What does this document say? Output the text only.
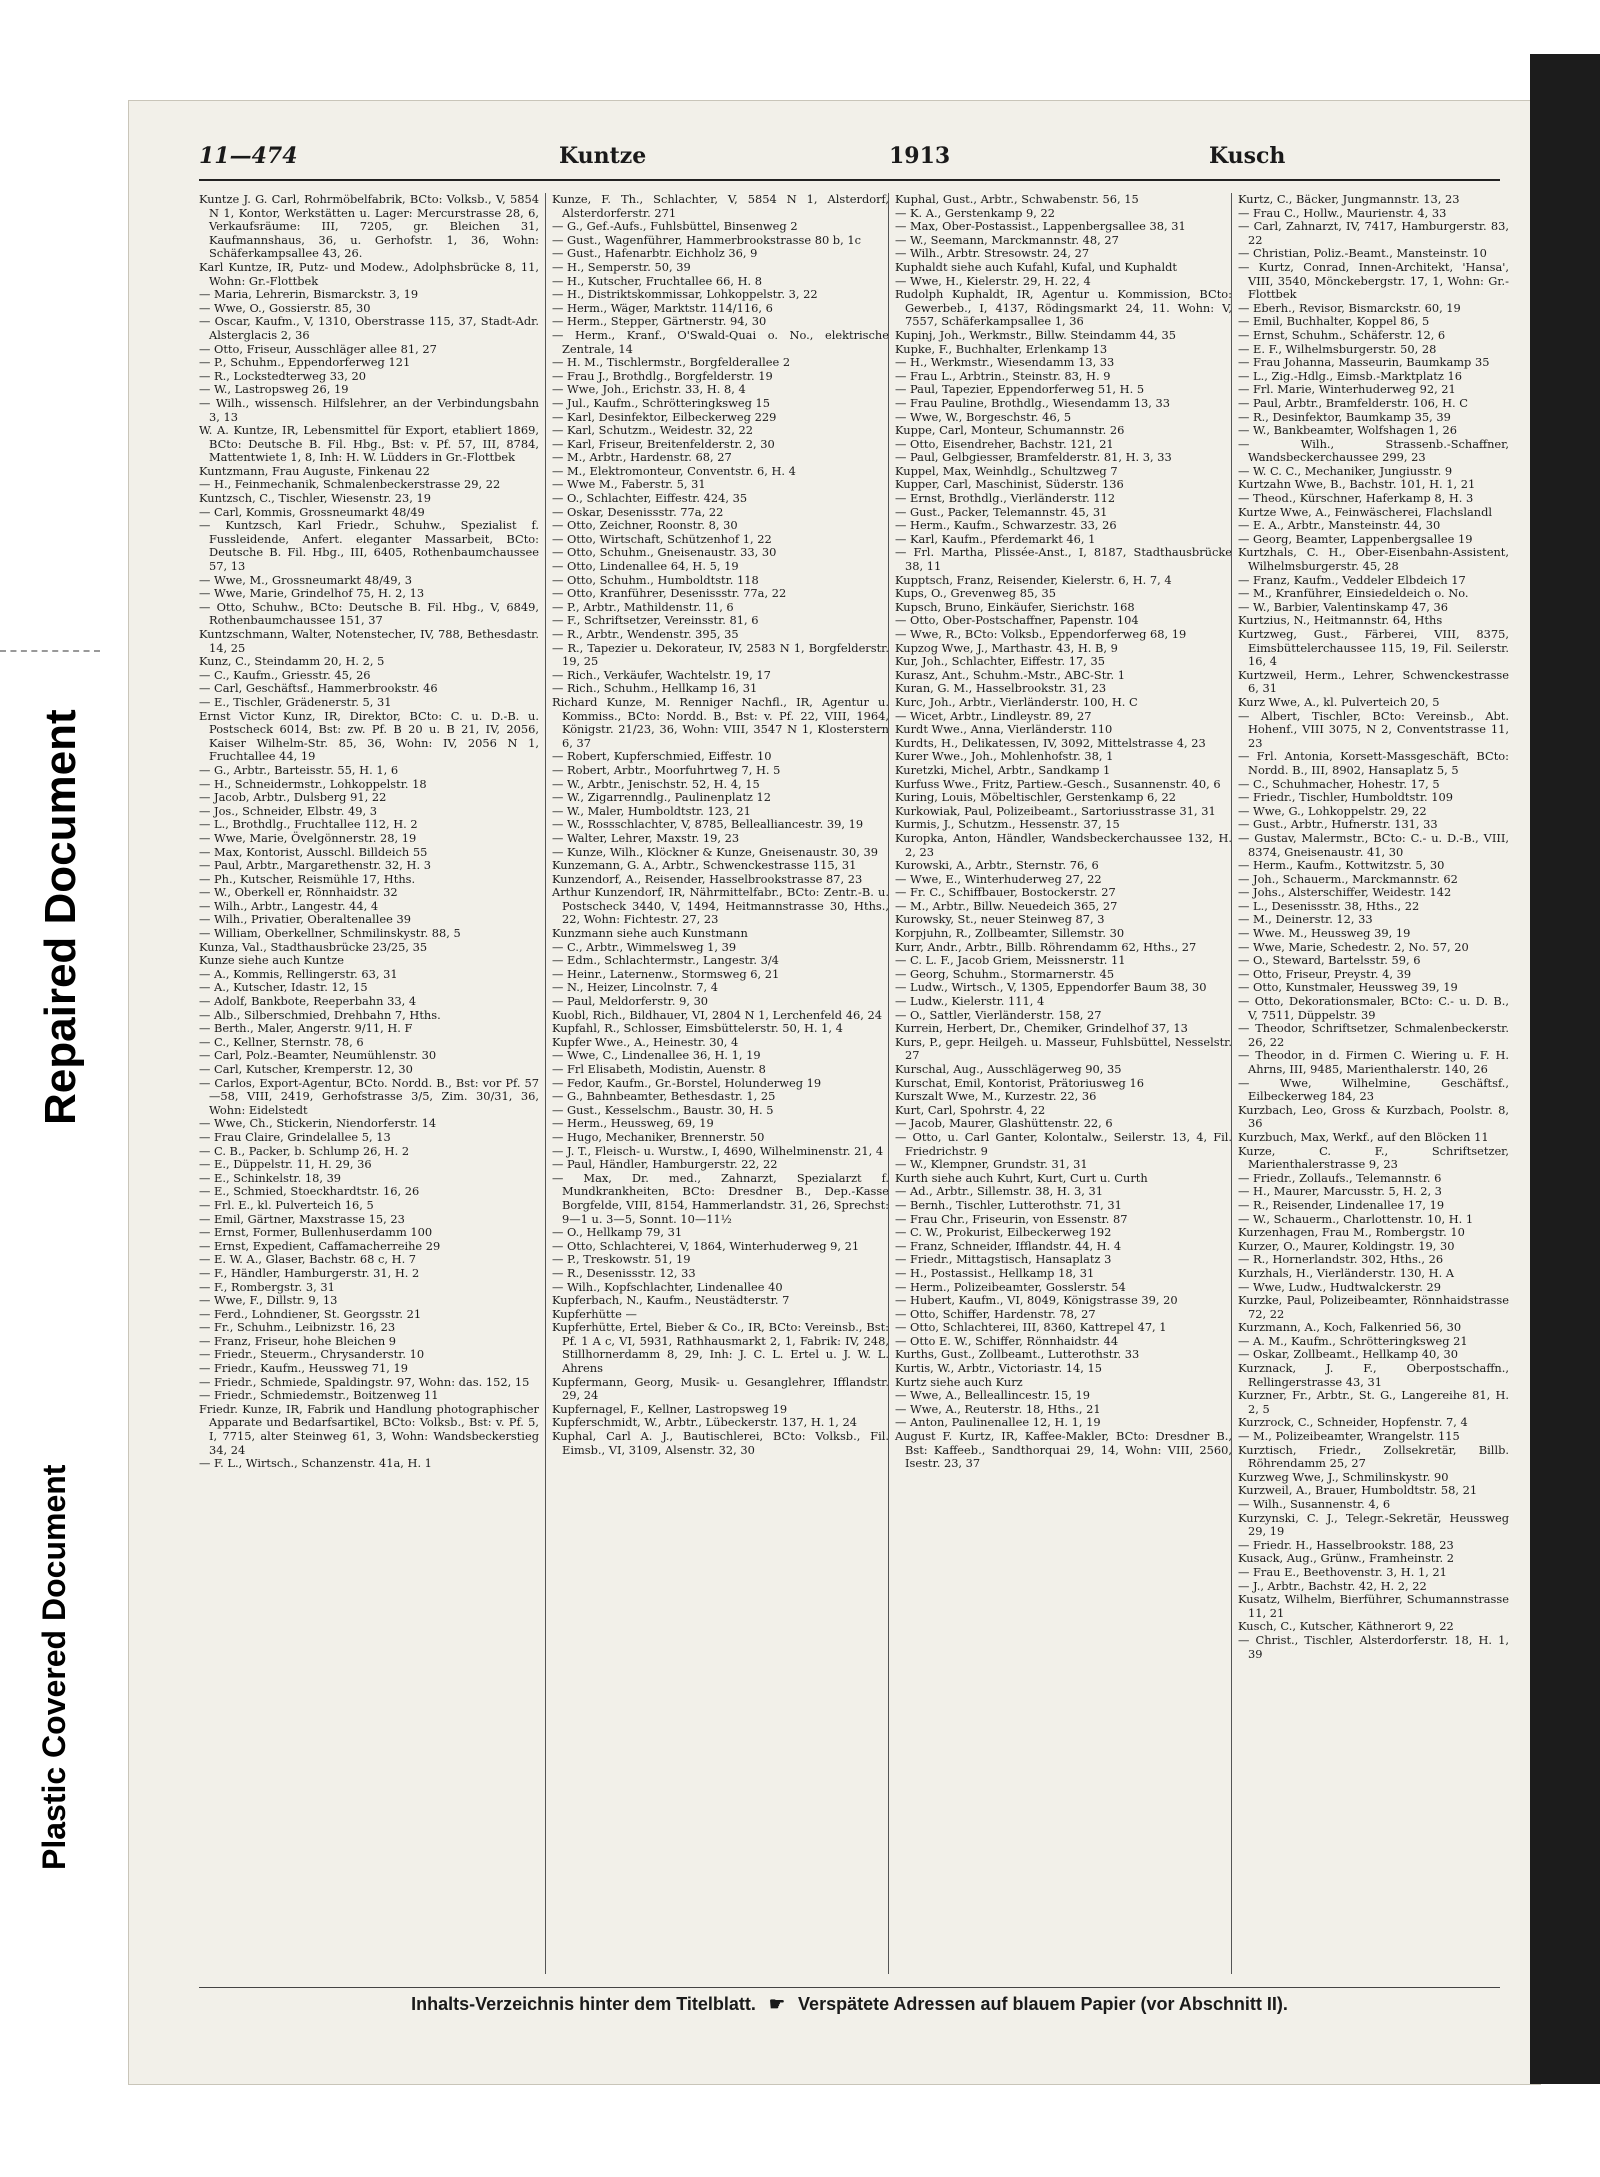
Repaired Document
Plastic Covered Document
11—474	Kuntze	1913	Kusch

Kuntze J. G. Carl, Rohrmöbelfabrik, BCto: Volksb., V, 5854 N 1, Kontor, Werkstätten u. Lager: Mercurstrasse 28, 6, Verkaufsräume: III, 7205, gr. Bleichen 31, Kaufmannshaus, 36, u. Gerhofstr. 1, 36, Wohn: Schäferkampsallee 43, 26.

Karl Kuntze, IR, Putz- und Modew., Adolphsbrücke 8, 11, Wohn: Gr.-Flottbek

— Maria, Lehrerin, Bismarckstr. 3, 19

— Wwe, O., Gossierstr. 85, 30

— Oscar, Kaufm., V, 1310, Oberstrasse 115, 37, Stadt-Adr. Alsterglacis 2, 36

— Otto, Friseur, Ausschläger allee 81, 27

— P., Schuhm., Eppendorferweg 121

— R., Lockstedterweg 33, 20

— W., Lastropsweg 26, 19

— Wilh., wissensch. Hilfslehrer, an der Verbindungsbahn 3, 13

W. A. Kuntze, IR, Lebensmittel für Export, etabliert 1869, BCto: Deutsche B. Fil. Hbg., Bst: v. Pf. 57, III, 8784, Mattentwiete 1, 8, Inh: H. W. Lüdders in Gr.-Flottbek

Kuntzmann, Frau Auguste, Finkenau 22

— H., Feinmechanik, Schmalenbeckerstrasse 29, 22

Kuntzsch, C., Tischler, Wiesenstr. 23, 19

— Carl, Kommis, Grossneumarkt 48/49

— Kuntzsch, Karl Friedr., Schuhw., Spezialist f. Fussleidende, Anfert. eleganter Massarbeit, BCto: Deutsche B. Fil. Hbg., III, 6405, Rothenbaumchaussee 57, 13

— Wwe, M., Grossneumarkt 48/49, 3

— Wwe, Marie, Grindelhof 75, H. 2, 13

— Otto, Schuhw., BCto: Deutsche B. Fil. Hbg., V, 6849, Rothenbaumchaussee 151, 37

Kuntzschmann, Walter, Notenstecher, IV, 788, Bethesdastr. 14, 25

Kunz, C., Steindamm 20, H. 2, 5

— C., Kaufm., Griesstr. 45, 26

— Carl, Geschäftsf., Hammerbrookstr. 46

— E., Tischler, Grädenerstr. 5, 31

Ernst Victor Kunz, IR, Direktor, BCto: C. u. D.-B. u. Postscheck 6014, Bst: zw. Pf. B 20 u. B 21, IV, 2056, Kaiser Wilhelm-Str. 85, 36, Wohn: IV, 2056 N 1, Fruchtallee 44, 19

— G., Arbtr., Barteisstr. 55, H. 1, 6

— H., Schneidermstr., Lohkoppelstr. 18

— Jacob, Arbtr., Dulsberg 91, 22

— Jos., Schneider, Elbstr. 49, 3

— L., Brothdlg., Fruchtallee 112, H. 2

— Wwe, Marie, Övelgönnerstr. 28, 19

— Max, Kontorist, Ausschl. Billdeich 55

— Paul, Arbtr., Margarethenstr. 32, H. 3

— Ph., Kutscher, Reismühle 17, Hths.

— W., Oberkell er, Rönnhaidstr. 32

— Wilh., Arbtr., Langestr. 44, 4

— Wilh., Privatier, Oberaltenallee 39

— William, Oberkellner, Schmilinskystr. 88, 5

Kunza, Val., Stadthausbrücke 23/25, 35

Kunze siehe auch Kuntze

— A., Kommis, Rellingerstr. 63, 31

— A., Kutscher, Idastr. 12, 15

— Adolf, Bankbote, Reeperbahn 33, 4

— Alb., Silberschmied, Drehbahn 7, Hths.

— Berth., Maler, Angerstr. 9/11, H. F

— C., Kellner, Sternstr. 78, 6

— Carl, Polz.-Beamter, Neumühlenstr. 30

— Carl, Kutscher, Kremperstr. 12, 30

— Carlos, Export-Agentur, BCto. Nordd. B., Bst: vor Pf. 57—58, VIII, 2419, Gerhofstrasse 3/5, Zim. 30/31, 36, Wohn: Eidelstedt

— Wwe, Ch., Stickerin, Niendorferstr. 14

— Frau Claire, Grindelallee 5, 13

— C. B., Packer, b. Schlump 26, H. 2

— E., Düppelstr. 11, H. 29, 36

— E., Schinkelstr. 18, 39

— E., Schmied, Stoeckhardtstr. 16, 26

— Frl. E., kl. Pulverteich 16, 5

— Emil, Gärtner, Maxstrasse 15, 23

— Ernst, Former, Bullenhuserdamm 100

— Ernst, Expedient, Caffamacherreihe 29

— E. W. A., Glaser, Bachstr. 68 c, H. 7

— F., Händler, Hamburgerstr. 31, H. 2

— F., Rombergstr. 3, 31

— Wwe, F., Dillstr. 9, 13

— Ferd., Lohndiener, St. Georgsstr. 21

— Fr., Schuhm., Leibnizstr. 16, 23

— Franz, Friseur, hohe Bleichen 9

— Friedr., Steuerm., Chrysanderstr. 10

— Friedr., Kaufm., Heussweg 71, 19

— Friedr., Schmiede, Spaldingstr. 97, Wohn: das. 152, 15

— Friedr., Schmiedemstr., Boitzenweg 11

Friedr. Kunze, IR, Fabrik und Handlung photographischer Apparate und Bedarfsartikel, BCto: Volksb., Bst: v. Pf. 5, I, 7715, alter Steinweg 61, 3, Wohn: Wandsbeckerstieg 34, 24

— F. L., Wirtsch., Schanzenstr. 41a, H. 1

Kunze, F. Th., Schlachter, V, 5854 N 1, Alsterdorf, Alsterdorferstr. 271

— G., Gef.-Aufs., Fuhlsbüttel, Binsenweg 2

— Gust., Wagenführer, Hammerbrookstrasse 80 b, 1c

— Gust., Hafenarbtr. Eichholz 36, 9

— H., Semperstr. 50, 39

— H., Kutscher, Fruchtallee 66, H. 8

— H., Distriktskommissar, Lohkoppelstr. 3, 22

— Herm., Wäger, Marktstr. 114/116, 6

— Herm., Stepper, Gärtnerstr. 94, 30

— Herm., Kranf., O'Swald-Quai o. No., elektrische Zentrale, 14

— H. M., Tischlermstr., Borgfelderallee 2

— Frau J., Brothdlg., Borgfelderstr. 19

— Wwe, Joh., Erichstr. 33, H. 8, 4

— Jul., Kaufm., Schrötteringksweg 15

— Karl, Desinfektor, Eilbeckerweg 229

— Karl, Schutzm., Weidestr. 32, 22

— Karl, Friseur, Breitenfelderstr. 2, 30

— M., Arbtr., Hardenstr. 68, 27

— M., Elektromonteur, Conventstr. 6, H. 4

— Wwe M., Faberstr. 5, 31

— O., Schlachter, Eiffestr. 424, 35

— Oskar, Desenissstr. 77a, 22

— Otto, Zeichner, Roonstr. 8, 30

— Otto, Wirtschaft, Schützenhof 1, 22

— Otto, Schuhm., Gneisenaustr. 33, 30

— Otto, Lindenallee 64, H. 5, 19

— Otto, Schuhm., Humboldtstr. 118

— Otto, Kranführer, Desenissstr. 77a, 22

— P., Arbtr., Mathildenstr. 11, 6

— F., Schriftsetzer, Vereinsstr. 81, 6

— R., Arbtr., Wendenstr. 395, 35

— R., Tapezier u. Dekorateur, IV, 2583 N 1, Borgfelderstr. 19, 25

— Rich., Verkäufer, Wachtelstr. 19, 17

— Rich., Schuhm., Hellkamp 16, 31

Richard Kunze, M. Renniger Nachfl., IR, Agentur u. Kommiss., BCto: Nordd. B., Bst: v. Pf. 22, VIII, 1964, Königstr. 21/23, 36, Wohn: VIII, 3547 N 1, Klosterstern 6, 37

— Robert, Kupferschmied, Eiffestr. 10

— Robert, Arbtr., Moorfuhrtweg 7, H. 5

— W., Arbtr., Jenischstr. 52, H. 4, 15

— W., Zigarrenndlg., Paulinenplatz 12

— W., Maler, Humboldtstr. 123, 21

— W., Rossschlachter, V, 8785, Bellealliancestr. 39, 19

— Walter, Lehrer, Maxstr. 19, 23

— Kunze, Wilh., Klöckner & Kunze, Gneisenaustr. 30, 39

Kunzemann, G. A., Arbtr., Schwenckestrasse 115, 31

Kunzendorf, A., Reisender, Hasselbrookstrasse 87, 23

Arthur Kunzendorf, IR, Nährmittelfabr., BCto: Zentr.-B. u. Postscheck 3440, V, 1494, Heitmannstrasse 30, Hths., 22, Wohn: Fichtestr. 27, 23

Kunzmann siehe auch Kunstmann

— C., Arbtr., Wimmelsweg 1, 39

— Edm., Schlachtermstr., Langestr. 3/4

— Heinr., Laternenw., Stormsweg 6, 21

— N., Heizer, Lincolnstr. 7, 4

— Paul, Meldorferstr. 9, 30

Kuobl, Rich., Bildhauer, VI, 2804 N 1, Lerchenfeld 46, 24

Kupfahl, R., Schlosser, Eimsbüttelerstr. 50, H. 1, 4

Kupfer Wwe., A., Heinestr. 30, 4

— Wwe, C., Lindenallee 36, H. 1, 19

— Frl Elisabeth, Modistin, Auenstr. 8

— Fedor, Kaufm., Gr.-Borstel, Holunderweg 19

— G., Bahnbeamter, Bethesdastr. 1, 25

— Gust., Kesselschm., Baustr. 30, H. 5

— Herm., Heussweg, 69, 19

— Hugo, Mechaniker, Brennerstr. 50

— J. T., Fleisch- u. Wurstw., I, 4690, Wilhelminenstr. 21, 4

— Paul, Händler, Hamburgerstr. 22, 22

— Max, Dr. med., Zahnarzt, Spezialarzt f. Mundkrankheiten, BCto: Dresdner B., Dep.-Kasse Borgfelde, VIII, 8154, Hammerlandstr. 31, 26, Sprechst: 9—1 u. 3—5, Sonnt. 10—11½

— O., Hellkamp 79, 31

— Otto, Schlachterei, V, 1864, Winterhuderweg 9, 21

— P., Treskowstr. 51, 19

— R., Desenissstr. 12, 33

— Wilh., Kopfschlachter, Lindenallee 40

Kupferbach, N., Kaufm., Neustädterstr. 7

Kupferhütte —

Kupferhütte, Ertel, Bieber & Co., IR, BCto: Vereinsb., Bst: Pf. 1 A c, VI, 5931, Rathhausmarkt 2, 1, Fabrik: IV, 248, Stillhornerdamm 8, 29, Inh: J. C. L. Ertel u. J. W. L. Ahrens

Kupfermann, Georg, Musik- u. Gesanglehrer, Ifflandstr. 29, 24

Kupfernagel, F., Kellner, Lastropsweg 19

Kupferschmidt, W., Arbtr., Lübeckerstr. 137, H. 1, 24

Kuphal, Carl A. J., Bautischlerei, BCto: Volksb., Fil. Eimsb., VI, 3109, Alsenstr. 32, 30

Kuphal, Gust., Arbtr., Schwabenstr. 56, 15

— K. A., Gerstenkamp 9, 22

— Max, Ober-Postassist., Lappenbergsallee 38, 31

— W., Seemann, Marckmannstr. 48, 27

— Wilh., Arbtr. Stresowstr. 24, 27

Kuphaldt siehe auch Kufahl, Kufal, und Kuphaldt

— Wwe, H., Kielerstr. 29, H. 22, 4

Rudolph Kuphaldt, IR, Agentur u. Kommission, BCto: Gewerbeb., I, 4137, Rödingsmarkt 24, 11. Wohn: V, 7557, Schäferkampsallee 1, 36

Kupinj, Joh., Werkmstr., Billw. Steindamm 44, 35

Kupke, F., Buchhalter, Erlenkamp 13

— H., Werkmstr., Wiesendamm 13, 33

— Frau L., Arbtrin., Steinstr. 83, H. 9

— Paul, Tapezier, Eppendorferweg 51, H. 5

— Frau Pauline, Brothdlg., Wiesendamm 13, 33

— Wwe, W., Borgeschstr. 46, 5

Kuppe, Carl, Monteur, Schumannstr. 26

— Otto, Eisendreher, Bachstr. 121, 21

— Paul, Gelbgiesser, Bramfelderstr. 81, H. 3, 33

Kuppel, Max, Weinhdlg., Schultzweg 7

Kupper, Carl, Maschinist, Süderstr. 136

— Ernst, Brothdlg., Vierländerstr. 112

— Gust., Packer, Telemannstr. 45, 31

— Herm., Kaufm., Schwarzestr. 33, 26

— Karl, Kaufm., Pferdemarkt 46, 1

— Frl. Martha, Plissée-Anst., I, 8187, Stadthausbrücke 38, 11

Kupptsch, Franz, Reisender, Kielerstr. 6, H. 7, 4

Kups, O., Grevenweg 85, 35

Kupsch, Bruno, Einkäufer, Sierichstr. 168

— Otto, Ober-Postschaffner, Papenstr. 104

— Wwe, R., BCto: Volksb., Eppendorferweg 68, 19

Kupzog Wwe, J., Marthastr. 43, H. B, 9

Kur, Joh., Schlachter, Eiffestr. 17, 35

Kurasz, Ant., Schuhm.-Mstr., ABC-Str. 1

Kuran, G. M., Hasselbrookstr. 31, 23

Kurc, Joh., Arbtr., Vierländerstr. 100, H. C

— Wicet, Arbtr., Lindleystr. 89, 27

Kurdt Wwe., Anna, Vierländerstr. 110

Kurdts, H., Delikatessen, IV, 3092, Mittelstrasse 4, 23

Kurer Wwe., Joh., Mohlenhofstr. 38, 1

Kuretzki, Michel, Arbtr., Sandkamp 1

Kurfuss Wwe., Fritz, Partiew.-Gesch., Susannenstr. 40, 6

Kuring, Louis, Möbeltischler, Gerstenkamp 6, 22

Kurkowiak, Paul, Polizeibeamt., Sartoriusstrasse 31, 31

Kurmis, J., Schutzm., Hessenstr. 37, 15

Kuropka, Anton, Händler, Wandsbeckerchaussee 132, H. 2, 23

Kurowski, A., Arbtr., Sternstr. 76, 6

— Wwe, E., Winterhuderweg 27, 22

— Fr. C., Schiffbauer, Bostockerstr. 27

— M., Arbtr., Billw. Neuedeich 365, 27

Kurowsky, St., neuer Steinweg 87, 3

Korpjuhn, R., Zollbeamter, Sillemstr. 30

Kurr, Andr., Arbtr., Billb. Röhrendamm 62, Hths., 27

— C. L. F., Jacob Griem, Meissnerstr. 11

— Georg, Schuhm., Stormarnerstr. 45

— Ludw., Wirtsch., V, 1305, Eppendorfer Baum 38, 30

— Ludw., Kielerstr. 111, 4

— O., Sattler, Vierländerstr. 158, 27

Kurrein, Herbert, Dr., Chemiker, Grindelhof 37, 13

Kurs, P., gepr. Heilgeh. u. Masseur, Fuhlsbüttel, Nesselstr. 27

Kurschal, Aug., Ausschlägerweg 90, 35

Kurschat, Emil, Kontorist, Prätoriusweg 16

Kurszalt Wwe, M., Kurzestr. 22, 36

Kurt, Carl, Spohrstr. 4, 22

— Jacob, Maurer, Glashüttenstr. 22, 6

— Otto, u. Carl Ganter, Kolontalw., Seilerstr. 13, 4, Fil. Friedrichstr. 9

— W., Klempner, Grundstr. 31, 31

Kurth siehe auch Kuhrt, Kurt, Curt u. Curth

— Ad., Arbtr., Sillemstr. 38, H. 3, 31

— Bernh., Tischler, Lutterothstr. 71, 31

— Frau Chr., Friseurin, von Essenstr. 87

— C. W., Prokurist, Eilbeckerweg 192

— Franz, Schneider, Ifflandstr. 44, H. 4

— Friedr., Mittagstisch, Hansaplatz 3

— H., Postassist., Hellkamp 18, 31

— Herm., Polizeibeamter, Gosslerstr. 54

— Hubert, Kaufm., VI, 8049, Königstrasse 39, 20

— Otto, Schiffer, Hardenstr. 78, 27

— Otto, Schlachterei, III, 8360, Kattrepel 47, 1

— Otto E. W., Schiffer, Rönnhaidstr. 44

Kurths, Gust., Zollbeamt., Lutterothstr. 33

Kurtis, W., Arbtr., Victoriastr. 14, 15

Kurtz siehe auch Kurz

— Wwe, A., Belleallincestr. 15, 19

— Wwe, A., Reuterstr. 18, Hths., 21

— Anton, Paulinenallee 12, H. 1, 19

August F. Kurtz, IR, Kaffee-Makler, BCto: Dresdner B., Bst: Kaffeeb., Sandthorquai 29, 14, Wohn: VIII, 2560, Isestr. 23, 37

Kurtz, C., Bäcker, Jungmannstr. 13, 23

— Frau C., Hollw., Maurienstr. 4, 33

— Carl, Zahnarzt, IV, 7417, Hamburgerstr. 83, 22

— Christian, Poliz.-Beamt., Mansteinstr. 10

— Kurtz, Conrad, Innen-Architekt, 'Hansa', VIII, 3540, Mönckebergstr. 17, 1, Wohn: Gr.-Flottbek

— Eberh., Revisor, Bismarckstr. 60, 19

— Emil, Buchhalter, Koppel 86, 5

— Ernst, Schuhm., Schäferstr. 12, 6

— E. F., Wilhelmsburgerstr. 50, 28

— Frau Johanna, Masseurin, Baumkamp 35

— L., Zig.-Hdlg., Eimsb.-Marktplatz 16

— Frl. Marie, Winterhuderweg 92, 21

— Paul, Arbtr., Bramfelderstr. 106, H. C

— R., Desinfektor, Baumkamp 35, 39

— W., Bankbeamter, Wolfshagen 1, 26

— Wilh., Strassenb.-Schaffner, Wandsbeckerchaussee 299, 23

— W. C. C., Mechaniker, Jungiusstr. 9

Kurtzahn Wwe, B., Bachstr. 101, H. 1, 21

— Theod., Kürschner, Haferkamp 8, H. 3

Kurtze Wwe, A., Feinwäscherei, Flachslandl

— E. A., Arbtr., Mansteinstr. 44, 30

— Georg, Beamter, Lappenbergsallee 19

Kurtzhals, C. H., Ober-Eisenbahn-Assistent, Wilhelmsburgerstr. 45, 28

— Franz, Kaufm., Veddeler Elbdeich 17

— M., Kranführer, Einsiedeldeich o. No.

— W., Barbier, Valentinskamp 47, 36

Kurtzius, N., Heitmannstr. 64, Hths

Kurtzweg, Gust., Färberei, VIII, 8375, Eimsbüttelerchaussee 115, 19, Fil. Seilerstr. 16, 4

Kurtzweil, Herm., Lehrer, Schwenckestrasse 6, 31

Kurz Wwe, A., kl. Pulverteich 20, 5

— Albert, Tischler, BCto: Vereinsb., Abt. Hohenf., VIII 3075, N 2, Conventstrasse 11, 23

— Frl. Antonia, Korsett-Massgeschäft, BCto: Nordd. B., III, 8902, Hansaplatz 5, 5

— C., Schuhmacher, Hohestr. 17, 5

— Friedr., Tischler, Humboldtstr. 109

— Wwe, G., Lohkoppelstr. 29, 22

— Gust., Arbtr., Hufnerstr. 131, 33

— Gustav, Malermstr., BCto: C.- u. D.-B., VIII, 8374, Gneisenaustr. 41, 30

— Herm., Kaufm., Kottwitzstr. 5, 30

— Joh., Schauerm., Marckmannstr. 62

— Johs., Alsterschiffer, Weidestr. 142

— L., Desenissstr. 38, Hths., 22

— M., Deinerstr. 12, 33

— Wwe. M., Heussweg 39, 19

— Wwe, Marie, Schedestr. 2, No. 57, 20

— O., Steward, Bartelsstr. 59, 6

— Otto, Friseur, Preystr. 4, 39

— Otto, Kunstmaler, Heussweg 39, 19

— Otto, Dekorationsmaler, BCto: C.- u. D. B., V, 7511, Düppelstr. 39

— Theodor, Schriftsetzer, Schmalenbeckerstr. 26, 22

— Theodor, in d. Firmen C. Wiering u. F. H. Ahrns, III, 9485, Marienthalerstr. 140, 26

— Wwe, Wilhelmine, Geschäftsf., Eilbeckerweg 184, 23

Kurzbach, Leo, Gross & Kurzbach, Poolstr. 8, 36

Kurzbuch, Max, Werkf., auf den Blöcken 11

Kurze, C. F., Schriftsetzer, Marienthalerstrasse 9, 23

— Friedr., Zollaufs., Telemannstr. 6

— H., Maurer, Marcusstr. 5, H. 2, 3

— R., Reisender, Lindenallee 17, 19

— W., Schauerm., Charlottenstr. 10, H. 1

Kurzenhagen, Frau M., Rombergstr. 10

Kurzer, O., Maurer, Koldingstr. 19, 30

— R., Hornerlandstr. 302, Hths., 26

Kurzhals, H., Vierländerstr. 130, H. A

— Wwe, Ludw., Hudtwalckerstr. 29

Kurzke, Paul, Polizeibeamter, Rönnhaidstrasse 72, 22

Kurzmann, A., Koch, Falkenried 56, 30

— A. M., Kaufm., Schrötteringksweg 21

— Oskar, Zollbeamt., Hellkamp 40, 30

Kurznack, J. F., Oberpostschaffn., Rellingerstrasse 43, 31

Kurzner, Fr., Arbtr., St. G., Langereihe 81, H. 2, 5

Kurzrock, C., Schneider, Hopfenstr. 7, 4

— M., Polizeibeamter, Wrangelstr. 115

Kurztisch, Friedr., Zollsekretär, Billb. Röhrendamm 25, 27

Kurzweg Wwe, J., Schmilinskystr. 90

Kurzweil, A., Brauer, Humboldtstr. 58, 21

— Wilh., Susannenstr. 4, 6

Kurzynski, C. J., Telegr.-Sekretär, Heussweg 29, 19

— Friedr. H., Hasselbrookstr. 188, 23

Kusack, Aug., Grünw., Framheinstr. 2

— Frau E., Beethovenstr. 3, H. 1, 21

— J., Arbtr., Bachstr. 42, H. 2, 22

Kusatz, Wilhelm, Bierführer, Schumannstrasse 11, 21

Kusch, C., Kutscher, Käthnerort 9, 22

— Christ., Tischler, Alsterdorferstr. 18, H. 1, 39

Inhalts-Verzeichnis hinter dem Titelblatt. ☛ Verspätete Adressen auf blauem Papier (vor Abschnitt II).
